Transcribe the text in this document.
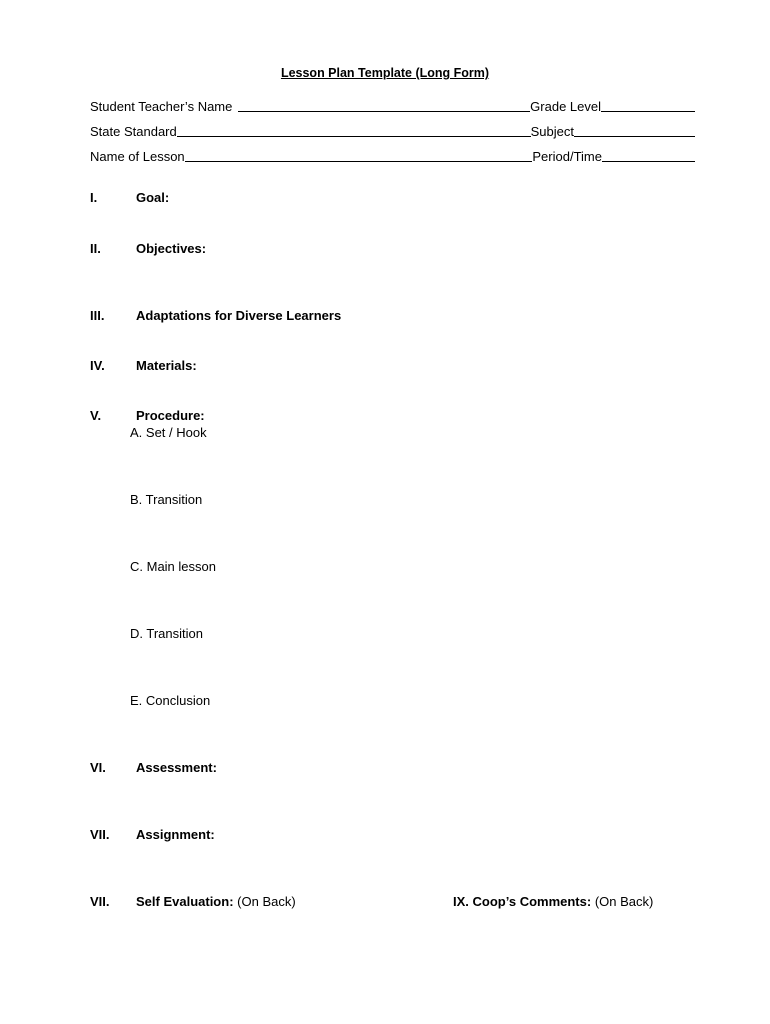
Lesson Plan Template (Long Form)
Student Teacher’s Name	Grade Level
State Standard	Subject
Name of Lesson	Period/Time
I.	Goal:
II.	Objectives:
III. Adaptations for Diverse Learners
IV. Materials:
V.	Procedure:
A. Set / Hook
B. Transition
C. Main lesson
D. Transition
E. Conclusion
VI. Assessment:
VII. Assignment:
VII. Self Evaluation: (On Back)	IX. Coop’s Comments: (On Back)
